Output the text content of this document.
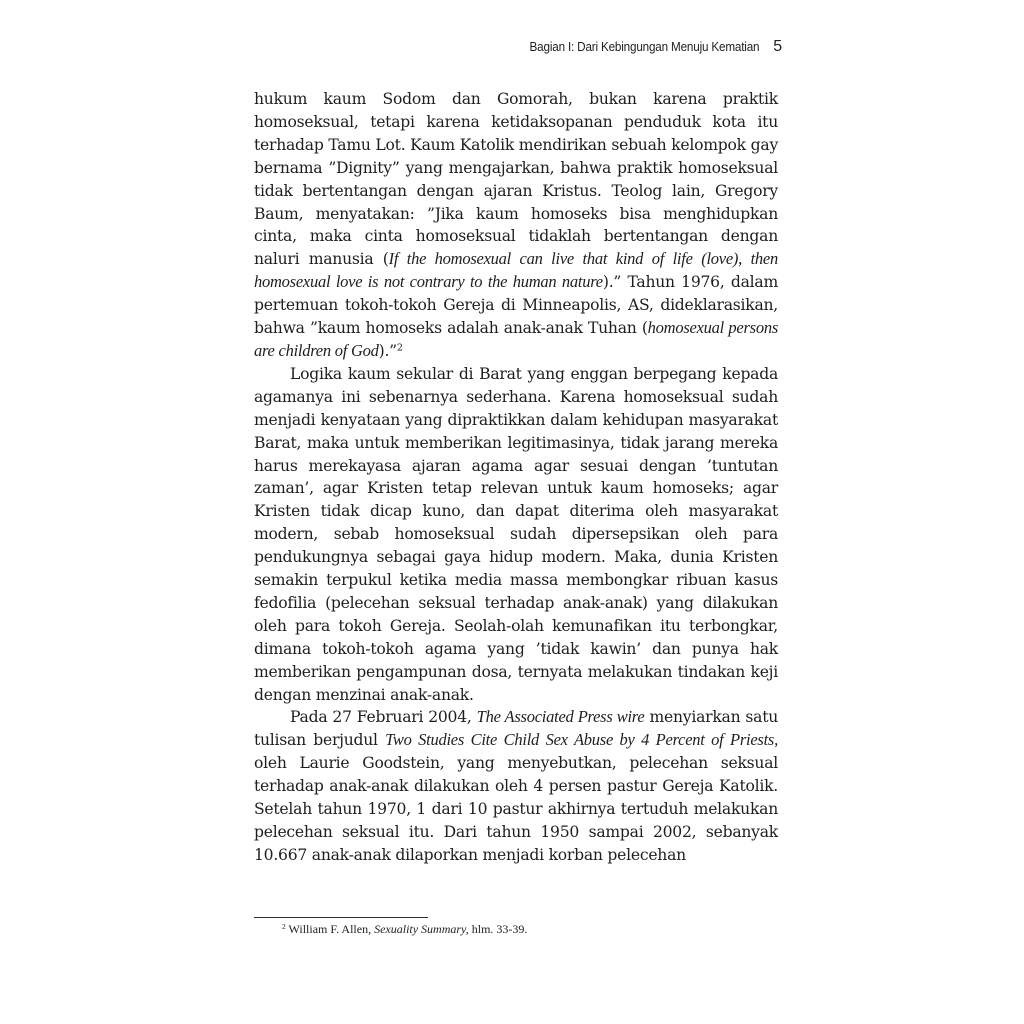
Bagian I: Dari Kebingungan Menuju Kematian 5

hukum kaum Sodom dan Gomorah, bukan karena praktik homoseksual, tetapi karena ketidaksopanan penduduk kota itu terhadap Tamu Lot. Kaum Katolik mendirikan sebuah kelompok gay bernama ”Dignity” yang mengajarkan, bahwa praktik homoseksual tidak bertentangan dengan ajaran Kristus. Teolog lain, Gregory Baum, menyatakan: ”Jika kaum homoseks bisa menghidupkan cinta, maka cinta homoseksual tidaklah bertentangan dengan naluri manusia (If the homosexual can live that kind of life (love), then homosexual love is not contrary to the human nature).” Tahun 1976, dalam pertemuan tokoh-tokoh Gereja di Minneapolis, AS, dideklarasikan, bahwa ”kaum homoseks adalah anak-anak Tuhan (homosexual persons are children of God).”$^2$

Logika kaum sekular di Barat yang enggan berpegang kepada agamanya ini sebenarnya sederhana. Karena homoseksual sudah menjadi kenyataan yang dipraktikkan dalam kehidupan masyarakat Barat, maka untuk memberikan legitimasinya, tidak jarang mereka harus merekayasa ajaran agama agar sesuai dengan ’tuntutan zaman’, agar Kristen tetap relevan untuk kaum homoseks; agar Kristen tidak dicap kuno, dan dapat diterima oleh masyarakat modern, sebab homoseksual sudah dipersepsikan oleh para pendukungnya sebagai gaya hidup modern. Maka, dunia Kristen semakin terpukul ketika media massa membongkar ribuan kasus fedofilia (pelecehan seksual terhadap anak-anak) yang dilakukan oleh para tokoh Gereja. Seolah-olah kemunafikan itu terbongkar, dimana tokoh-tokoh agama yang ’tidak kawin’ dan punya hak memberikan pengampunan dosa, ternyata melakukan tindakan keji dengan menzinai anak-anak.

Pada 27 Februari 2004, The Associated Press wire menyiarkan satu tulisan berjudul Two Studies Cite Child Sex Abuse by 4 Percent of Priests, oleh Laurie Goodstein, yang menyebutkan, pelecehan seksual terhadap anak-anak dilakukan oleh 4 persen pastur Gereja Katolik. Setelah tahun 1970, 1 dari 10 pastur akhirnya tertuduh melakukan pelecehan seksual itu. Dari tahun 1950 sampai 2002, sebanyak 10.667 anak-anak dilaporkan menjadi korban pelecehan

$^2$ William F. Allen, Sexuality Summary, hlm. 33-39.
